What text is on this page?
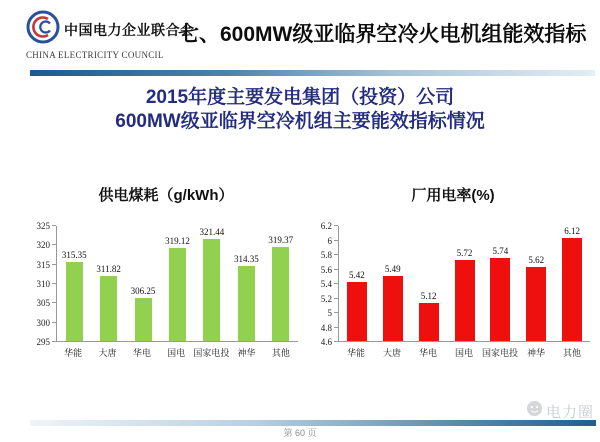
中国电力企业联合会
CHINA ELECTRICITY COUNCIL
七、600MW级亚临界空冷火电机组能效指标
2015年度主要发电集团（投资）公司
600MW级亚临界空冷机组主要能效指标情况
供电煤耗（g/kWh）
295
300
305
310
315
320
325
315.35
311.82
306.25
319.12
321.44
314.35
319.37
华能	大唐	华电	国电 国家电投 神华	其他
厂用电率(%)
4.6
4.8
5
5.2
5.4
5.6
5.8
6
6.2
5.42
5.49
5.12
5.72 5.74
5.62
6.12
华能	大唐	华电	国电	国家电投 神华	其他
第 60 页
电力圈
